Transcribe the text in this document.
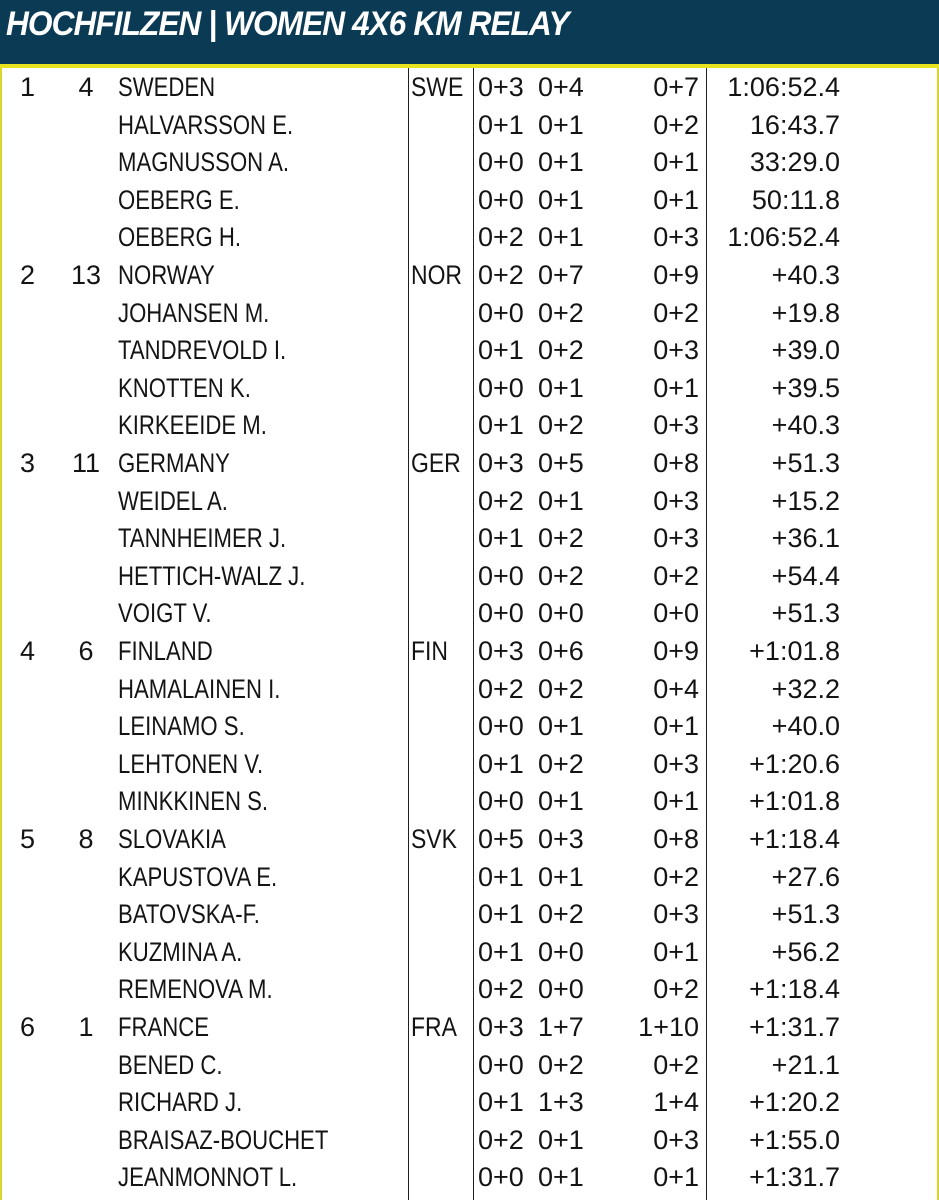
HOCHFILZEN | WOMEN 4X6 KM RELAY
1	4 SWEDEN	SWE 0+3 0+4	0+7	1:06:52.4
HALVARSSON E.	0+1 0+1	0+2	16:43.7
MAGNUSSON A.	0+0 0+1	0+1	33:29.0
OEBERG E.	0+0 0+1	0+1	50:11.8
OEBERG H.	0+2 0+1	0+3	1:06:52.4
2 13 NORWAY	NOR 0+2 0+7	0+9	+40.3
JOHANSEN M.	0+0 0+2	0+2	+19.8
TANDREVOLD I.	0+1 0+2	0+3	+39.0
KNOTTEN K.	0+0 0+1	0+1	+39.5
KIRKEEIDE M.	0+1 0+2	0+3	+40.3
3 11 GERMANY	GER 0+3 0+5	0+8	+51.3
WEIDEL A.	0+2 0+1	0+3	+15.2
TANNHEIMER J.	0+1 0+2	0+3	+36.1
HETTICH-WALZ J.	0+0 0+2	0+2	+54.4
VOIGT V.	0+0 0+0	0+0	+51.3
4	6 FINLAND	FIN 0+3 0+6	0+9	+1:01.8
HAMALAINEN I.	0+2 0+2	0+4	+32.2
LEINAMO S.	0+0 0+1	0+1	+40.0
LEHTONEN V.	0+1 0+2	0+3	+1:20.6
MINKKINEN S.	0+0 0+1	0+1	+1:01.8
5	8 SLOVAKIA	SVK 0+5 0+3	0+8	+1:18.4
KAPUSTOVA E.	0+1 0+1	0+2	+27.6
BATOVSKA-F.	0+1 0+2	0+3	+51.3
KUZMINA A.	0+1 0+0	0+1	+56.2
REMENOVA M.	0+2 0+0	0+2	+1:18.4
6	1 FRANCE	FRA 0+3 1+7 1+10	+1:31.7
BENED C.	0+0 0+2	0+2	+21.1
RICHARD J.	0+1 1+3	1+4	+1:20.2
BRAISAZ-BOUCHET	0+2 0+1	0+3	+1:55.0
JEANMONNOT L.	0+0 0+1	0+1	+1:31.7
